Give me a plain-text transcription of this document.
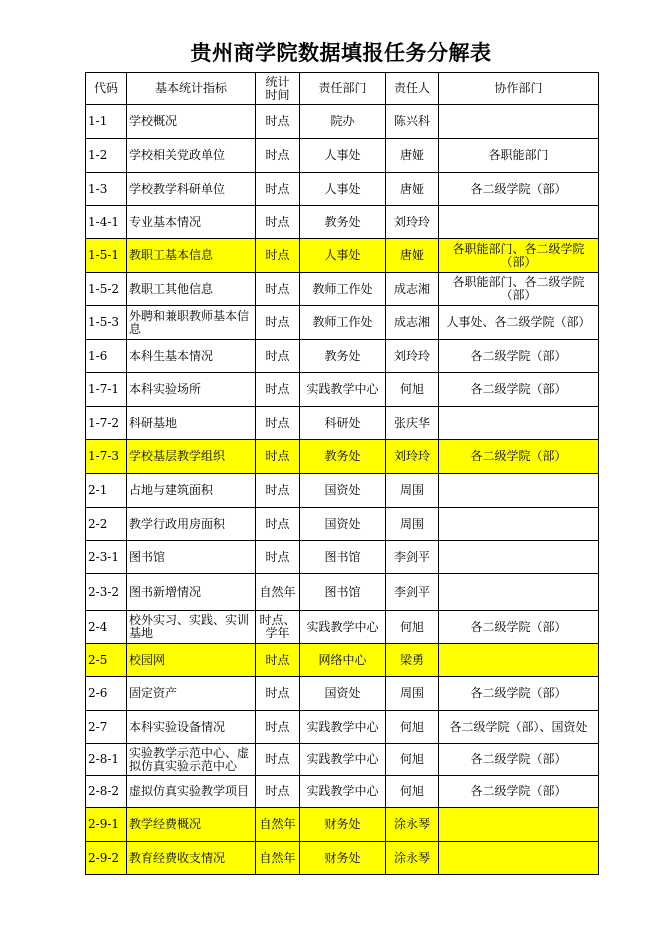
贵州商学院数据填报任务分解表
代码	基本统计指标	统计时间	责任部门	责任人	协作部门
1-1	学校概况	时点	院办	陈兴科	
1-2	学校相关党政单位	时点	人事处	唐娅	各职能部门
1-3	学校教学科研单位	时点	人事处	唐娅	各二级学院（部）
1-4-1	专业基本情况	时点	教务处	刘玲玲	
1-5-1	教职工基本信息	时点	人事处	唐娅	各职能部门、各二级学院（部）
1-5-2	教职工其他信息	时点	教师工作处	成志湘	各职能部门、各二级学院（部）
1-5-3	外聘和兼职教师基本信息	时点	教师工作处	成志湘	人事处、各二级学院（部）
1-6	本科生基本情况	时点	教务处	刘玲玲	各二级学院（部）
1-7-1	本科实验场所	时点	实践教学中心	何旭	各二级学院（部）
1-7-2	科研基地	时点	科研处	张庆华	
1-7-3	学校基层教学组织	时点	教务处	刘玲玲	各二级学院（部）
2-1	占地与建筑面积	时点	国资处	周围	
2-2	教学行政用房面积	时点	国资处	周围	
2-3-1	图书馆	时点	图书馆	李剑平	
2-3-2	图书新增情况	自然年	图书馆	李剑平	
2-4	校外实习、实践、实训基地	时点、学年	实践教学中心	何旭	各二级学院（部）
2-5	校园网	时点	网络中心	梁勇	
2-6	固定资产	时点	国资处	周围	各二级学院（部）
2-7	本科实验设备情况	时点	实践教学中心	何旭	各二级学院（部）、国资处
2-8-1	实验教学示范中心、虚拟仿真实验示范中心	时点	实践教学中心	何旭	各二级学院（部）
2-8-2	虚拟仿真实验教学项目	时点	实践教学中心	何旭	各二级学院（部）
2-9-1	教学经费概况	自然年	财务处	涂永琴	
2-9-2	教育经费收支情况	自然年	财务处	涂永琴	
